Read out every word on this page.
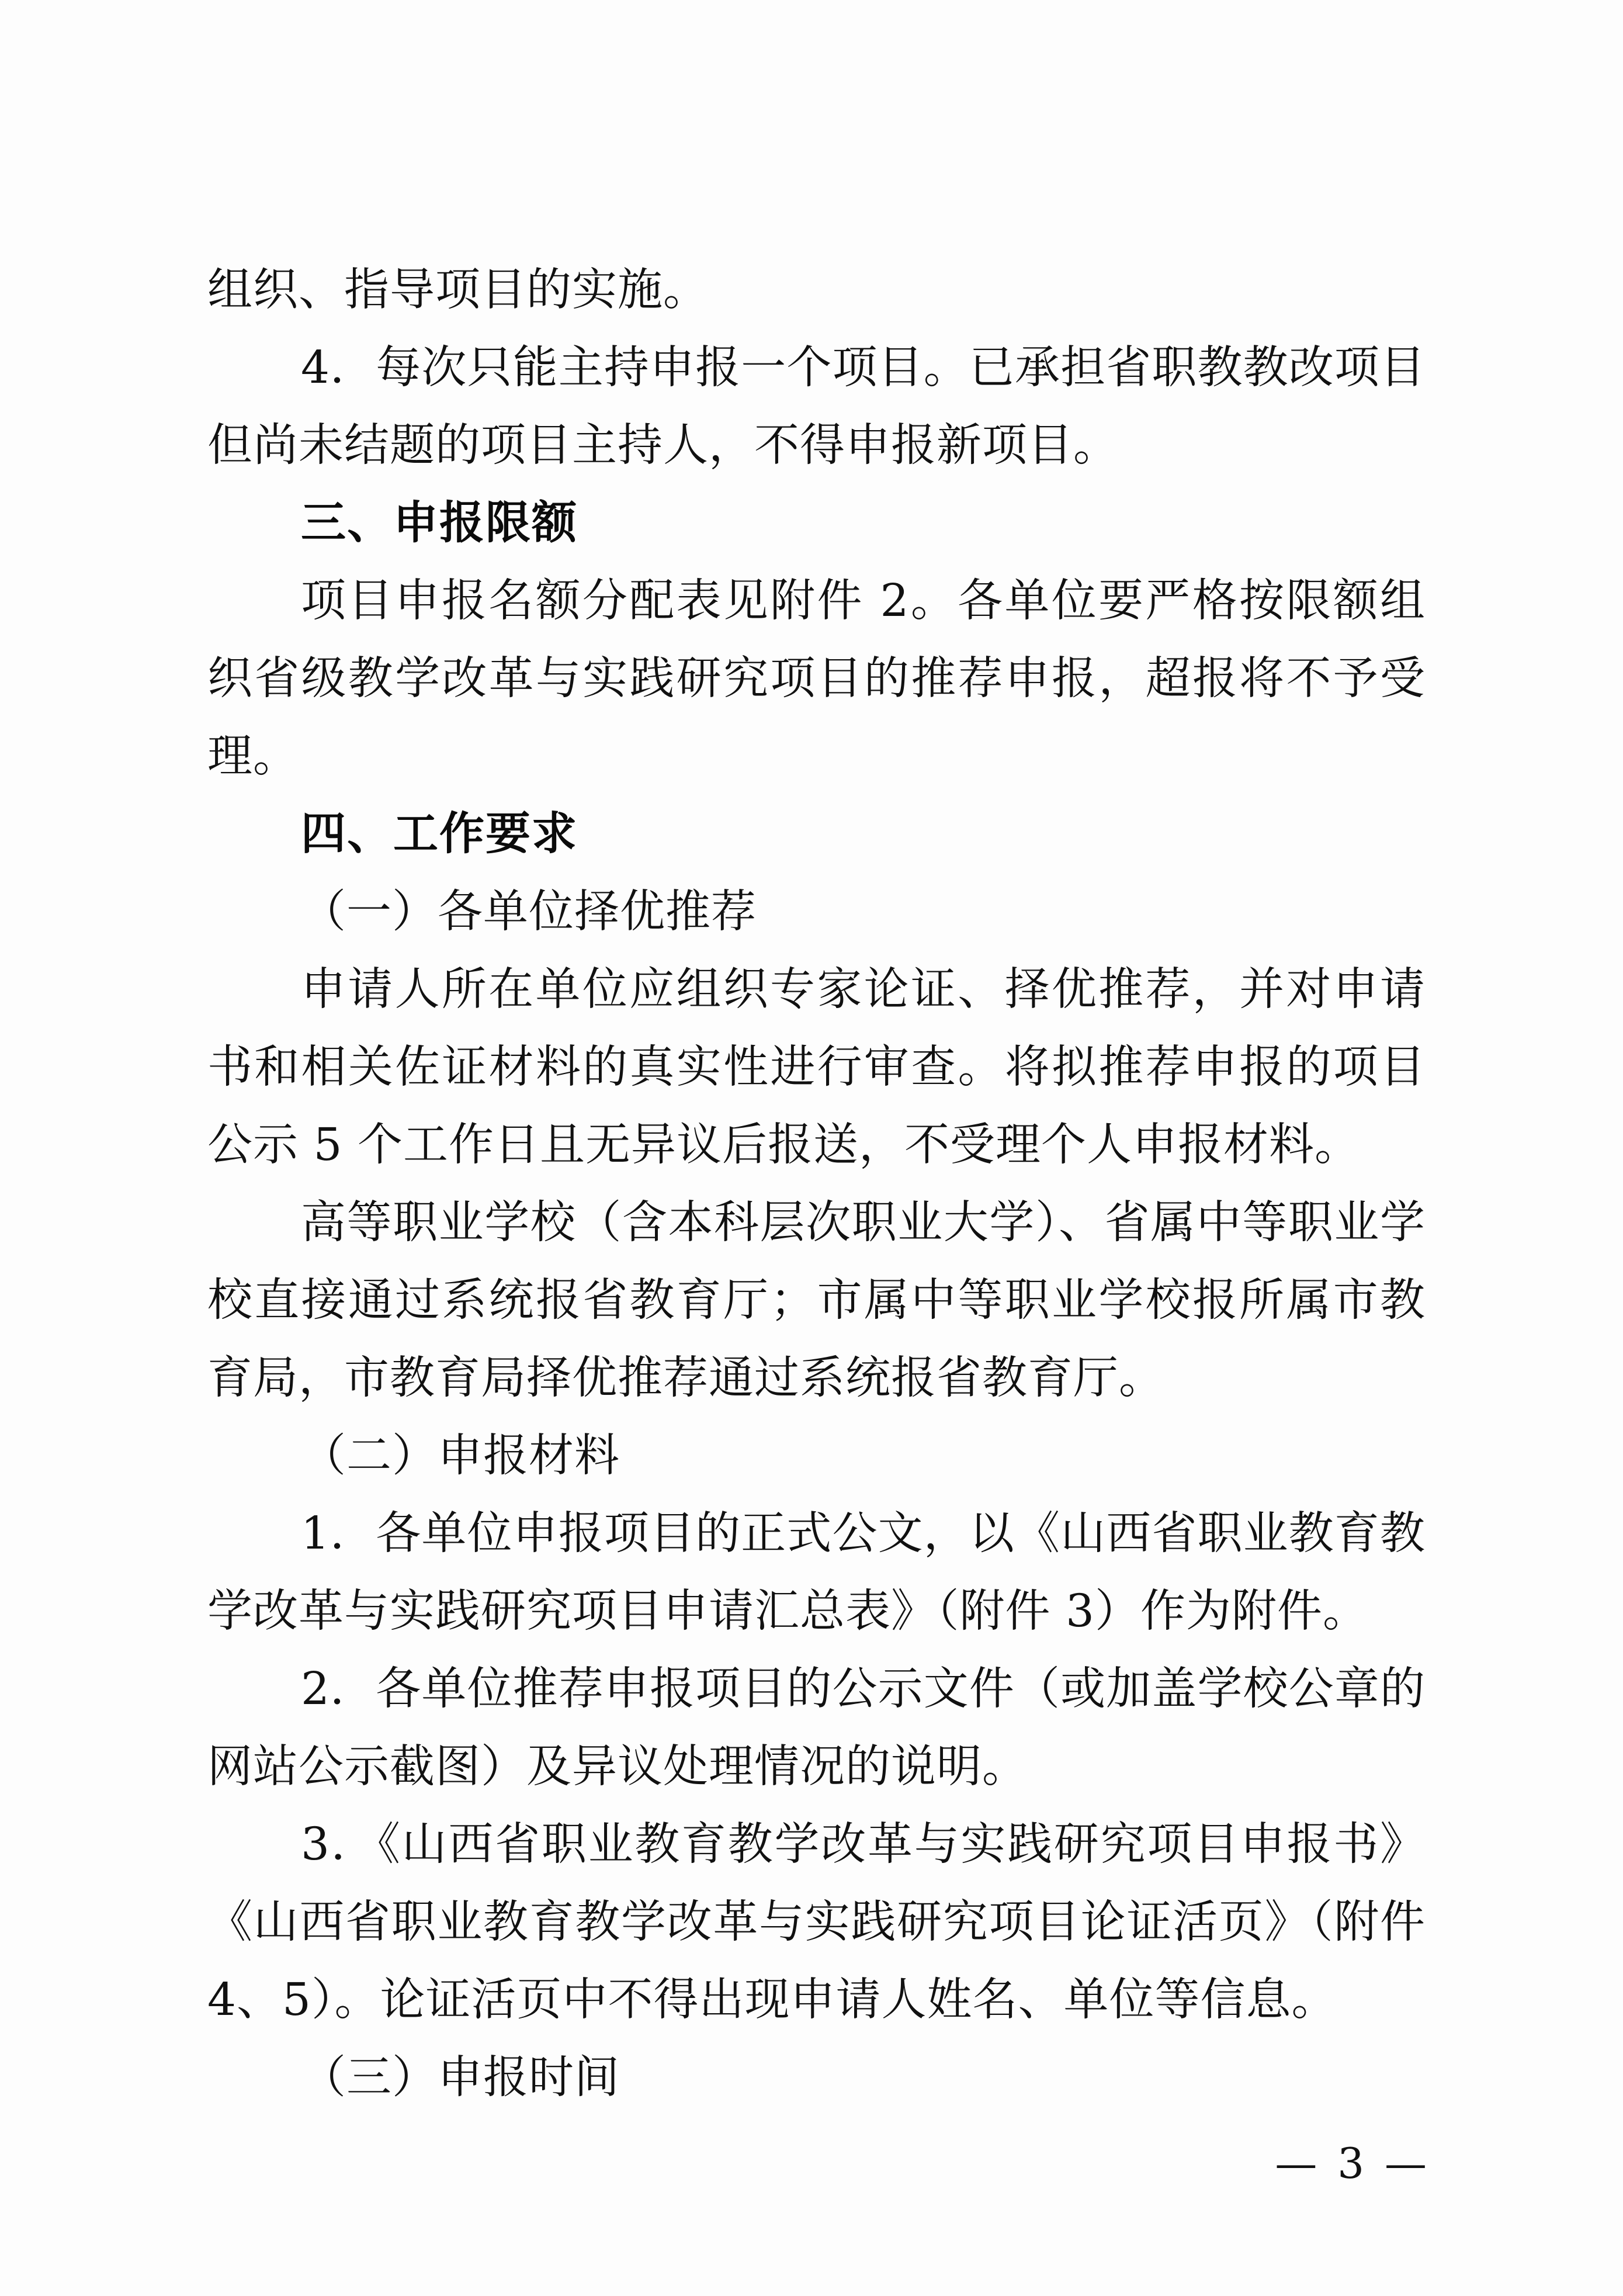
组织、指导项目的实施。

4．每次只能主持申报一个项目。已承担省职教教改项目但尚未结题的项目主持人，不得申报新项目。

三、申报限额

项目申报名额分配表见附件 2。各单位要严格按限额组织省级教学改革与实践研究项目的推荐申报，超报将不予受理。

四、工作要求

（一）各单位择优推荐

申请人所在单位应组织专家论证、择优推荐，并对申请书和相关佐证材料的真实性进行审查。将拟推荐申报的项目公示 5 个工作日且无异议后报送，不受理个人申报材料。

高等职业学校（含本科层次职业大学）、省属中等职业学校直接通过系统报省教育厅；市属中等职业学校报所属市教育局，市教育局择优推荐通过系统报省教育厅。

（二）申报材料

1．各单位申报项目的正式公文，以《山西省职业教育教学改革与实践研究项目申请汇总表》（附件 3）作为附件。

2．各单位推荐申报项目的公示文件（或加盖学校公章的网站公示截图）及异议处理情况的说明。

3．《山西省职业教育教学改革与实践研究项目申报书》《山西省职业教育教学改革与实践研究项目论证活页》（附件 4、5）。论证活页中不得出现申请人姓名、单位等信息。

（三）申报时间

— 3 —
